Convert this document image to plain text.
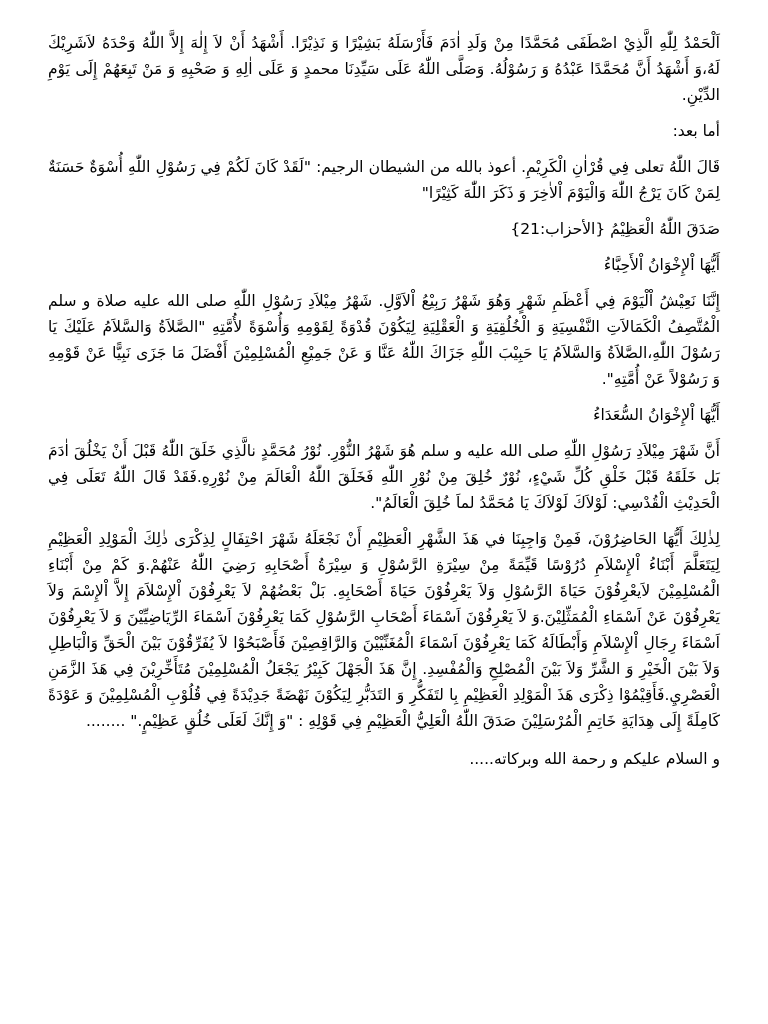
اَلْحَمْدُ لِلّٰهِ الَّذِيْ اصْطَفَى مُحَمَّدًا مِنْ وَلَدِ اٰدَمَ فَأَرْسَلَهُ بَشِيْرًا وَ نَذِيْرًا. أَشْهَدُ أَنْ لاَ إِلٰهَ إِلاَّ اللّٰهُ وَحْدَهُ لاَشَرِيْكَ لَهُ،وَ أَشْهَدُ أَنَّ مُحَمَّدًا عَبْدُهُ وَ رَسُوْلُهُ. وَصَلَّى اللّٰهُ عَلَى سَيِّدِنَا محمدٍ وَ عَلَى اٰلِهِ وَ صَحْبِهِ وَ مَنْ تَبِعَهُمْ إِلَى يَوْمِ الدِّيْنِ.

أما بعد:

قَالَ اللّٰهُ تعلى فِي قُرْاٰنِ الْكَرِيْمِ. أعوذ بالله من الشيطان الرجيم: "لَقَدْ كَانَ لَكُمْ فِي رَسُوْلِ اللّٰهِ أُسْوَةٌ حَسَنَةٌ لِمَنْ كَانَ يَرْجُ اللّٰهَ وَالْيَوْمَ اْلاٰخِرَ وَ ذَكَرَ اللّٰهَ كَثِيْرًا"

صَدَقَ اللّٰهُ الْعَظِيْمُ {الأحزاب:21}

أَيُّهَا اْلإِخْوَانُ اْلأَحِبَّاءُ

إِنَّنَا نَعِيْشُ اْلْيَوْمَ فِي أَعْظَمِ شَهْرٍ وَهُوَ شَهْرُ رَبِيْعُ اْلاَوَّلِ. شَهْرُ مِيْلاَدِ رَسُوْلِ اللّٰهِ صلى الله عليه صلاة و سلم الْمُتَّصِفُ الْكَمَالاَتِ النَّفْسِيَةِ وَ الْخُلُقِيَةِ وَ الْعَقْلِيَةِ لِيَكُوْنَ قُدْوَةً لِقَوْمِهِ وَأُسْوَةً لأُمَّتِهِ "الصَّلاَةُ وَالسَّلاَمُ عَلَيْكَ يَا رَسُوْلَ اللّٰهِ،الصَّلاَةُ وَالسَّلاَمُ يَا حَبِيْبَ اللّٰهِ جَزَاكَ اللّٰهُ عَنَّا وَ عَنْ جَمِيْعِ الْمُسْلِمِيْنَ أَفْضَلَ مَا جَزَى نَبِيًّا عَنْ قَوْمِهِ وَ رَسُوْلاً عَنْ أُمَّتِهِ".

أَيُّهَا اْلإِخْوَانُ السُّعَدَاءُ

أَنَّ شَهْرَ مِيْلاَدِ رَسُوْلِ اللّٰهِ صلى الله عليه و سلم هُوَ شَهْرُ النُّوْرِ. نُوْرُ مُحَمَّدٍ نالَّذِي خَلَقَ اللّٰهُ قَبْلَ أَنْ يَخْلُقَ اٰدَمَ بَل خَلَقَهُ قَبْلَ خَلْقِ كُلِّ شَيْءٍ، نُوْرٌ خُلِقَ مِنْ نُوْرِ اللّٰهِ فَخَلَقَ اللّٰهُ الْعَالَمَ مِنْ نُوْرِهِ.فَقَدْ قَالَ اللّٰهُ تَعَلَى فِي الْحَدِيْثِ الْقُدْسِي: لَوْلاَكَ لَوْلاَكَ يَا مُحَمَّدُ لماَ خُلِقَ الْعَالَمُ".

لِذٰلِكَ أَيُّهَا الحَاضِرُوْنَ، فَمِنْ وَاجِبِنَا في هَذَ الشَّهْرِ الْعَظِيْمِ أَنْ نَجْعَلَهُ شَهْرَ احْتِفَالٍ لِذِكْرَى ذٰلِكَ الْمَوْلِدِ الْعَظِيْمِ لِيَتَعَلَّمَ أَبْنَاءُ اْلإِسْلاَمِ دُرُوْسًا قَيِّمَةً مِنْ سِيْرَةِ الرَّسُوْلِ وَ سِيْرَةُ أَصْحَابِهِ رَضِيَ اللّٰهُ عَنْهُمْ.وَ كَمْ مِنْ أَبْنَاءِ الْمُسْلِمِيْنَ لاَيعْرِفُوْنَ حَيَاةَ الرَّسُوْلِ وَلاَ يَعْرِفُوْنَ حَيَاةَ أَصْحَابِهِ. بَلْ بَعْضُهُمْ لاَ يَعْرِفُوْنَ اْلإِسْلاَمَ إِلاَّ اْلإِسْمَ وَلاَ يَعْرِفُوْنَ عَنْ اَسْمَاءِ الْمُمَثِّلِيْنَ.وَ لاَ يَعْرِفُوْنَ اَسْمَاءَ أَصْحَابِ الرَّسُوْلِ كَمَا يَعْرِفُوْنَ اَسْمَاءَ الرِّيَاضِيِّيْنَ وَ لاَ يَعْرِفُوْنَ اَسْمَاءَ رِجَالِ اْلإِسْلاَمِ وَأَبْطَالَهُ كَمَا يَعْرِفُوْنَ اَسْمَاءَ الْمُغَنِّيْيْنَ وَالرَّاقِصِيْنَ فَأَصْبَحُوْا لاَ يُفَرِّقُوْنَ بَيْنَ الْحَقِّ وَالْبَاطِلِ وَلاَ بَيْنَ الْخَيْرِ وَ الشَّرِّ وَلاَ بَيْنَ الْمُصْلِحِ وَالْمُفْسِدِ. إِنَّ هَذَ الْجَهْلَ كَبِيْرُ يَجْعَلُ الْمُسْلِمِيْنَ مُتَأَخِّرِيْنَ فِي هَذَ الزَّمَنِ الْعَصْرِيِ.فَأَقِيْمُوْا ذِكْرَى هَذَ الْمَوْلِدِ الْعَظِيْمِ بِا لتَفَكُّرِ وَ التَدَبُّرِ لِيَكُوْنَ نَهْضَةً جَدِيْدَةً فِي قُلُوْبِ الْمُسْلِمِيْنَ وَ عَوْدَةً كَامِلَةً إِلَى هِدَايَةِ خَاتِمِ الْمُرْسَلِيْنَ صَدَقَ اللّٰهُ الْعَلِيُّ الْعَظِيْمِ فِي قَوْلِهِ : "وَ إِنَّكَ لَعَلَى خُلُقٍ عَظِيْمٍ." ........

و السلام عليكم و رحمة الله وبركاته.....
